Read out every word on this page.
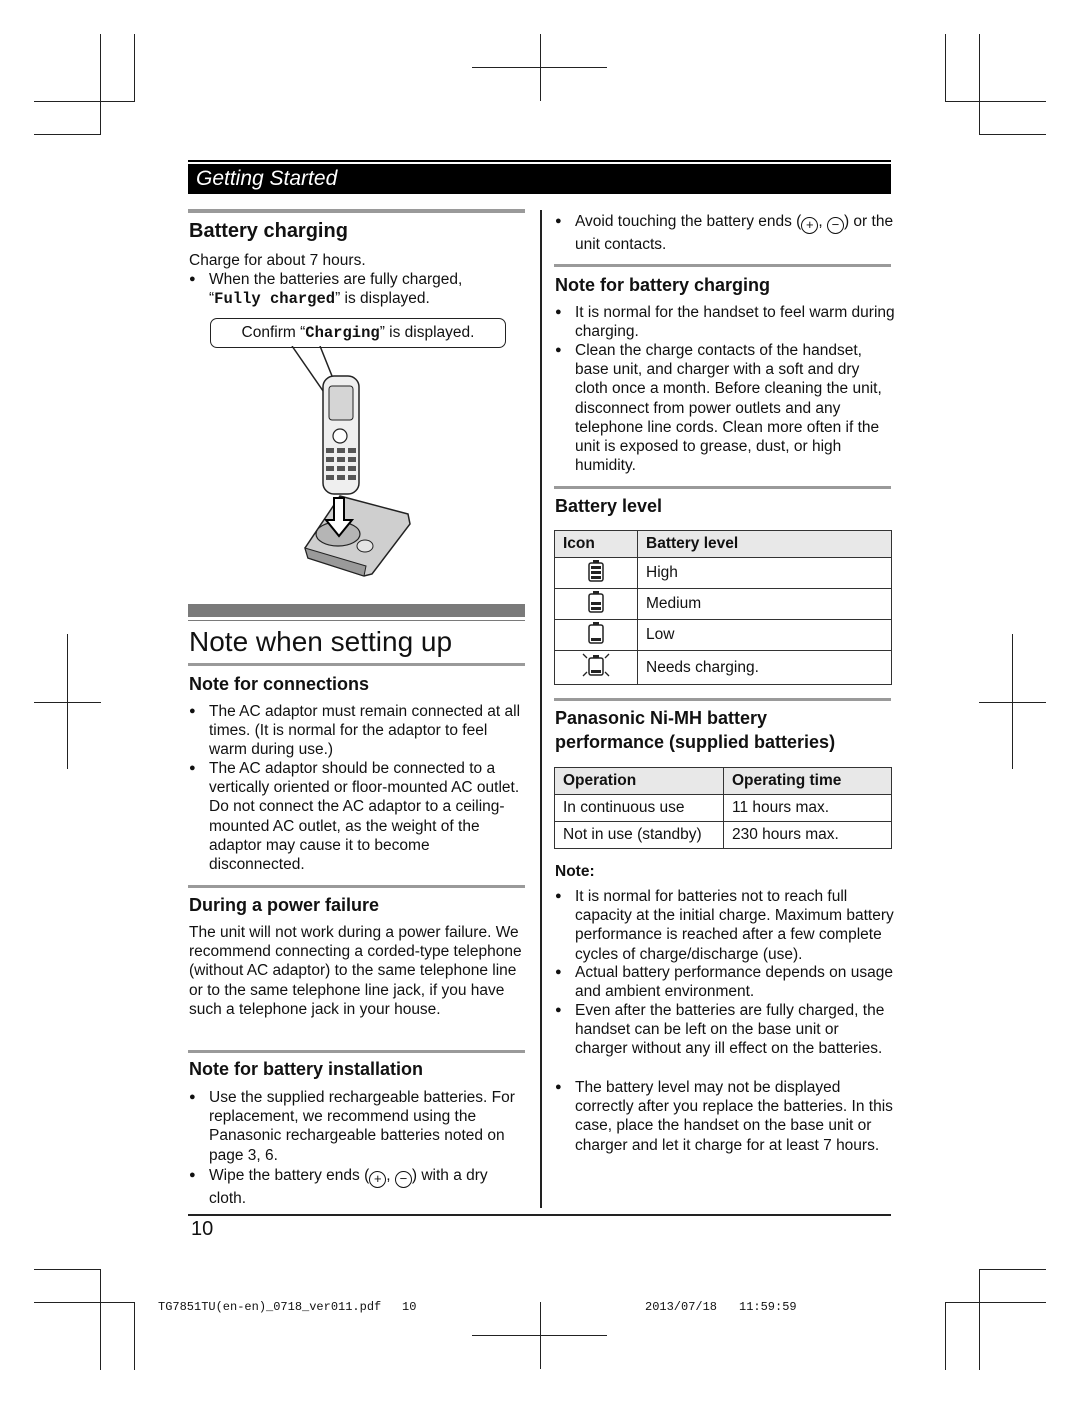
Getting Started
Battery charging
Charge for about 7 hours.
● When the batteries are fully charged,
“Fully charged” is displayed.
Confirm “Charging” is displayed.
Note when setting up
Note for connections
● The AC adaptor must remain connected at all times. (It is normal for the adaptor to feel warm during use.)
● The AC adaptor should be connected to a vertically oriented or floor-mounted AC outlet. Do not connect the AC adaptor to a ceiling-mounted AC outlet, as the weight of the adaptor may cause it to become disconnected.
During a power failure
The unit will not work during a power failure. We recommend connecting a corded-type telephone (without AC adaptor) to the same telephone line or to the same telephone line jack, if you have such a telephone jack in your house.
Note for battery installation
● Use the supplied rechargeable batteries. For replacement, we recommend using the Panasonic rechargeable batteries noted on page 3, 6.
● Wipe the battery ends ( + , − ) with a dry cloth.
● Avoid touching the battery ends ( + , − ) or the unit contacts.
Note for battery charging
● It is normal for the handset to feel warm during charging.
● Clean the charge contacts of the handset, base unit, and charger with a soft and dry cloth once a month. Before cleaning the unit, disconnect from power outlets and any telephone line cords. Clean more often if the unit is exposed to grease, dust, or high humidity.
Battery level
Icon	Battery level
	High
	Medium
	Low
	Needs charging.
Panasonic Ni-MH battery
performance (supplied batteries)
Operation	Operating time
In continuous use	11 hours max.
Not in use (standby)	230 hours max.
Note:
● It is normal for batteries not to reach full capacity at the initial charge. Maximum battery performance is reached after a few complete cycles of charge/discharge (use).
● Actual battery performance depends on usage and ambient environment.
● Even after the batteries are fully charged, the handset can be left on the base unit or charger without any ill effect on the batteries.
● The battery level may not be displayed correctly after you replace the batteries. In this case, place the handset on the base unit or charger and let it charge for at least 7 hours.
10
TG7851TU(en-en)_0718_ver011.pdf 10	2013/07/18 11:59:59
